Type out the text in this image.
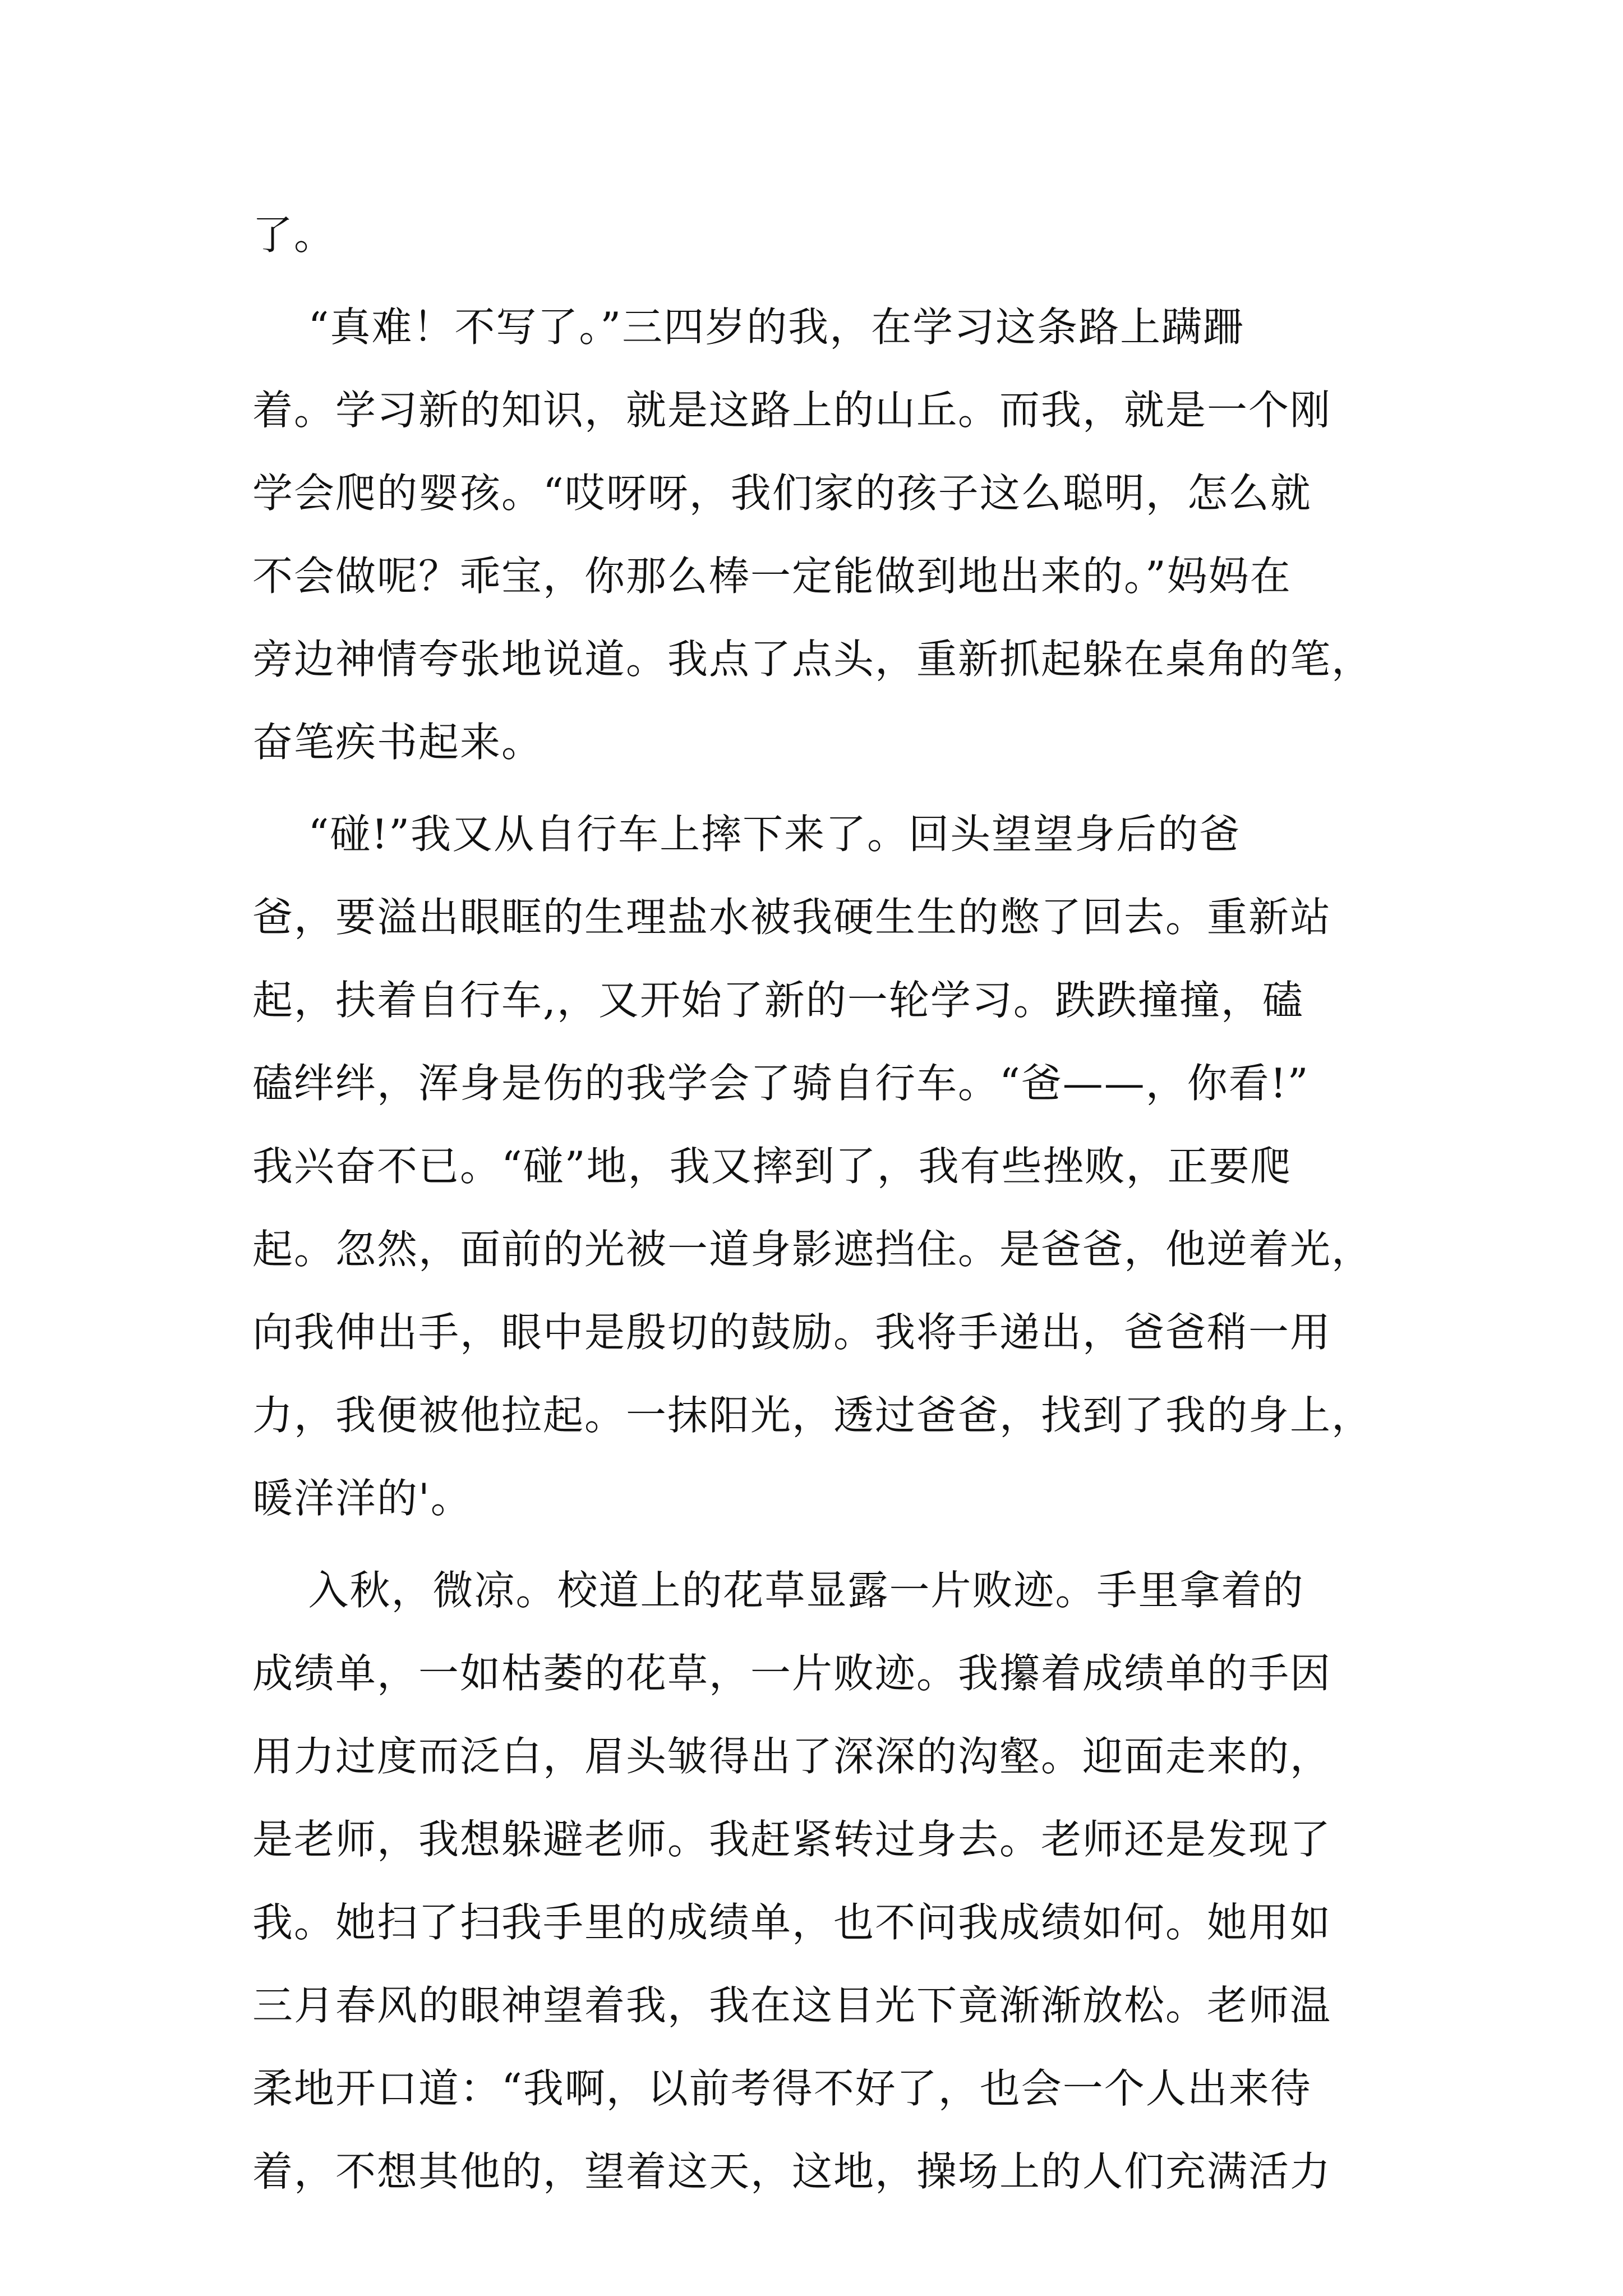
了。
“真难！不写了。”三四岁的我，在学习这条路上蹒跚
着。学习新的知识，就是这路上的山丘。而我，就是一个刚
学会爬的婴孩。“哎呀呀，我们家的孩子这么聪明，怎么就
不会做呢？乖宝，你那么棒一定能做到地出来的。”妈妈在
旁边神情夸张地说道。我点了点头，重新抓起躲在桌角的笔，
奋笔疾书起来。
“碰!”我又从自行车上摔下来了。回头望望身后的爸
爸，要溢出眼眶的生理盐水被我硬生生的憋了回去。重新站
起，扶着自行车,，又开始了新的一轮学习。跌跌撞撞，磕
磕绊绊，浑身是伤的我学会了骑自行车。“爸——，你看!”
我兴奋不已。“碰”地，我又摔到了，我有些挫败，正要爬
起。忽然，面前的光被一道身影遮挡住。是爸爸，他逆着光，
向我伸出手，眼中是殷切的鼓励。我将手递出，爸爸稍一用
力，我便被他拉起。一抹阳光，透过爸爸，找到了我的身上，
暖洋洋的'。
入秋，微凉。校道上的花草显露一片败迹。手里拿着的
成绩单，一如枯萎的花草，一片败迹。我攥着成绩单的手因
用力过度而泛白，眉头皱得出了深深的沟壑。迎面走来的，
是老师，我想躲避老师。我赶紧转过身去。老师还是发现了
我。她扫了扫我手里的成绩单，也不问我成绩如何。她用如
三月春风的眼神望着我，我在这目光下竟渐渐放松。老师温
柔地开口道：“我啊，以前考得不好了，也会一个人出来待
着，不想其他的，望着这天，这地，操场上的人们充满活力
